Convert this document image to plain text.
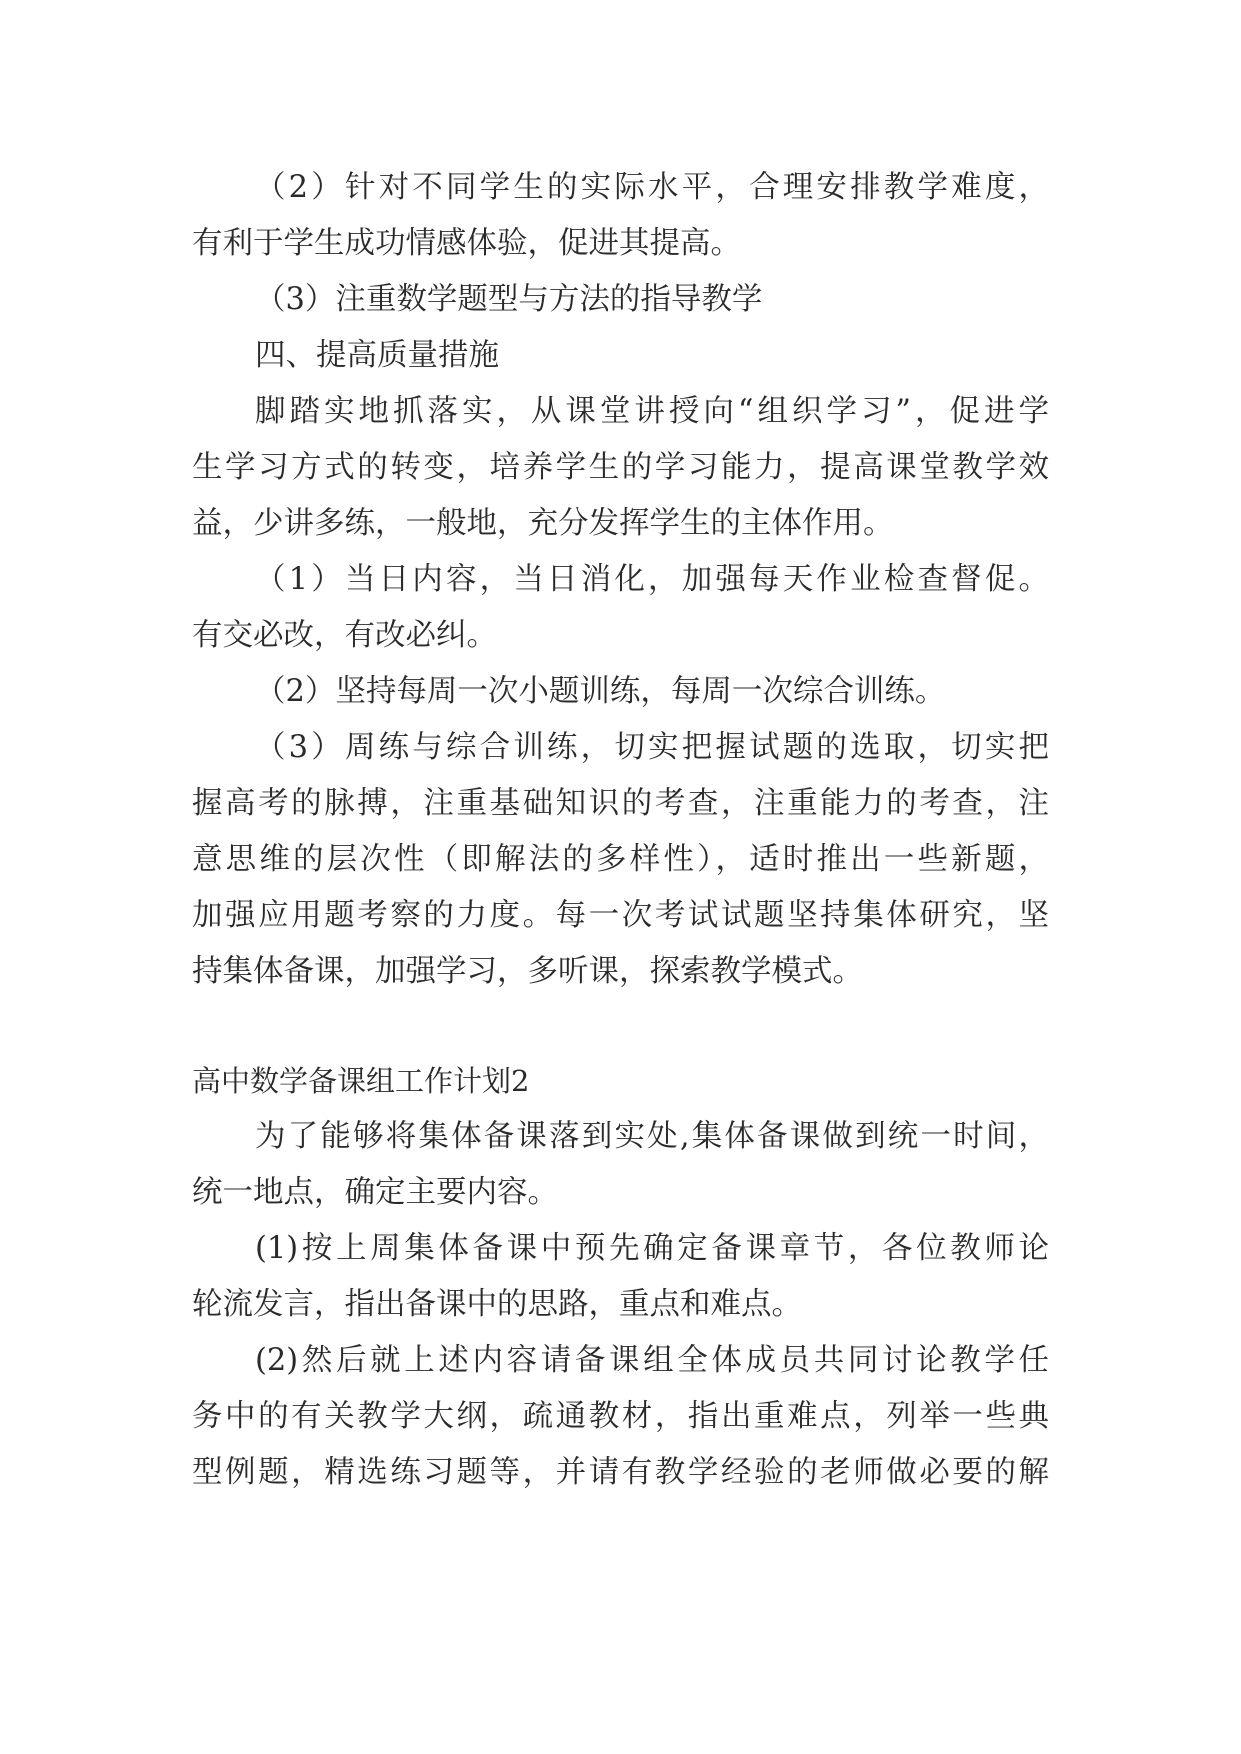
（2）针对不同学生的实际水平，合理安排教学难度，
有利于学生成功情感体验，促进其提高。
（3）注重数学题型与方法的指导教学
四、提高质量措施
脚踏实地抓落实，从课堂讲授向“组织学习”，促进学
生学习方式的转变，培养学生的学习能力，提高课堂教学效
益，少讲多练，一般地，充分发挥学生的主体作用。
（1）当日内容，当日消化，加强每天作业检查督促。
有交必改，有改必纠。
（2）坚持每周一次小题训练，每周一次综合训练。
（3）周练与综合训练，切实把握试题的选取，切实把
握高考的脉搏，注重基础知识的考查，注重能力的考查，注
意思维的层次性（即解法的多样性），适时推出一些新题，
加强应用题考察的力度。每一次考试试题坚持集体研究，坚
持集体备课，加强学习，多听课，探索教学模式。
高中数学备课组工作计划2
为了能够将集体备课落到实处,集体备课做到统一时间，
统一地点，确定主要内容。
(1)按上周集体备课中预先确定备课章节，各位教师论
轮流发言，指出备课中的思路，重点和难点。
(2)然后就上述内容请备课组全体成员共同讨论教学任
务中的有关教学大纲，疏通教材，指出重难点，列举一些典
型例题，精选练习题等，并请有教学经验的老师做必要的解
